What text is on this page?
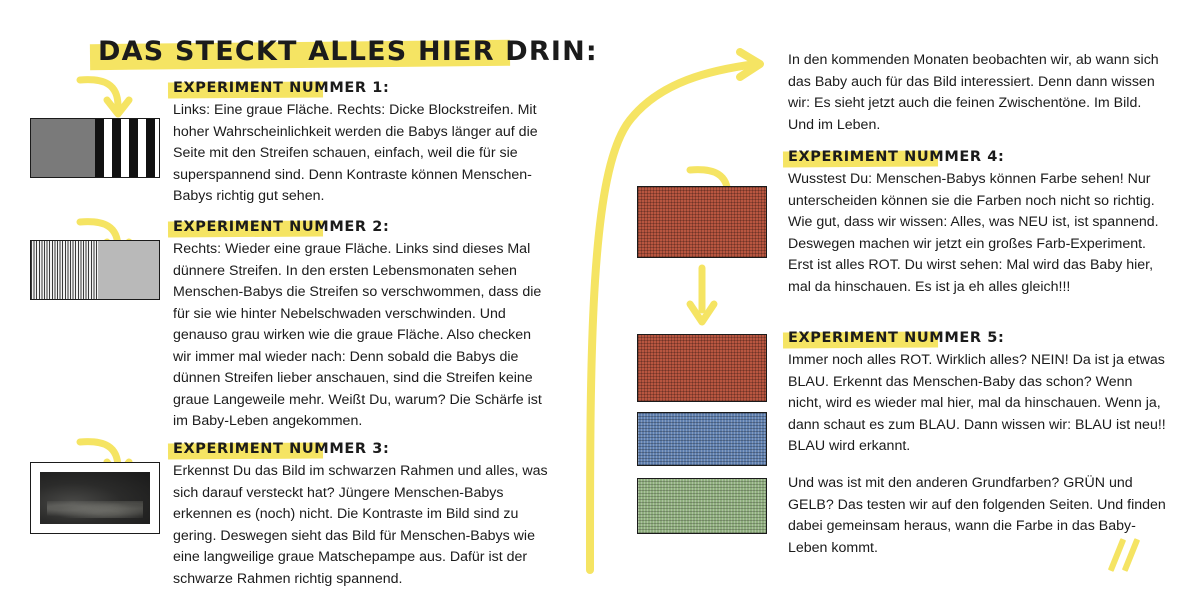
DAS STECKT ALLES HIER DRIN:
EXPERIMENT NUMMER 1:
Links: Eine graue Fläche. Rechts: Dicke Blockstreifen. Mit hoher Wahrscheinlichkeit werden die Babys länger auf die Seite mit den Streifen schauen, einfach, weil die für sie superspannend sind. Denn Kontraste können Menschen-Babys richtig gut sehen.
EXPERIMENT NUMMER 2:
Rechts: Wieder eine graue Fläche. Links sind dieses Mal dünnere Streifen. In den ersten Lebensmonaten sehen Menschen-Babys die Streifen so verschwommen, dass die für sie wie hinter Nebelschwaden verschwinden. Und genauso grau wirken wie die graue Fläche. Also checken wir immer mal wieder nach: Denn sobald die Babys die dünnen Streifen lieber anschauen, sind die Streifen keine graue Langeweile mehr. Weißt Du, warum? Die Schärfe ist im Baby-Leben angekommen.
EXPERIMENT NUMMER 3:
Erkennst Du das Bild im schwarzen Rahmen und alles, was sich darauf versteckt hat? Jüngere Menschen-Babys erkennen es (noch) nicht. Die Kontraste im Bild sind zu gering. Deswegen sieht das Bild für Menschen-Babys wie eine langweilige graue Matschepampe aus. Dafür ist der schwarze Rahmen richtig spannend.
In den kommenden Monaten beobachten wir, ab wann sich das Baby auch für das Bild interessiert. Denn dann wissen wir: Es sieht jetzt auch die feinen Zwischentöne. Im Bild. Und im Leben.
EXPERIMENT NUMMER 4:
Wusstest Du: Menschen-Babys können Farbe sehen! Nur unterscheiden können sie die Farben noch nicht so richtig. Wie gut, dass wir wissen: Alles, was NEU ist, ist spannend. Deswegen machen wir jetzt ein großes Farb-Experiment. Erst ist alles ROT. Du wirst sehen: Mal wird das Baby hier, mal da hinschauen. Es ist ja eh alles gleich!!!
EXPERIMENT NUMMER 5:
Immer noch alles ROT. Wirklich alles? NEIN! Da ist ja etwas BLAU. Erkennt das Menschen-Baby das schon? Wenn nicht, wird es wieder mal hier, mal da hinschauen. Wenn ja, dann schaut es zum BLAU. Dann wissen wir: BLAU ist neu!! BLAU wird erkannt.
Und was ist mit den anderen Grundfarben? GRÜN und GELB? Das testen wir auf den folgenden Seiten. Und finden dabei gemeinsam heraus, wann die Farbe in das Baby-Leben kommt.
